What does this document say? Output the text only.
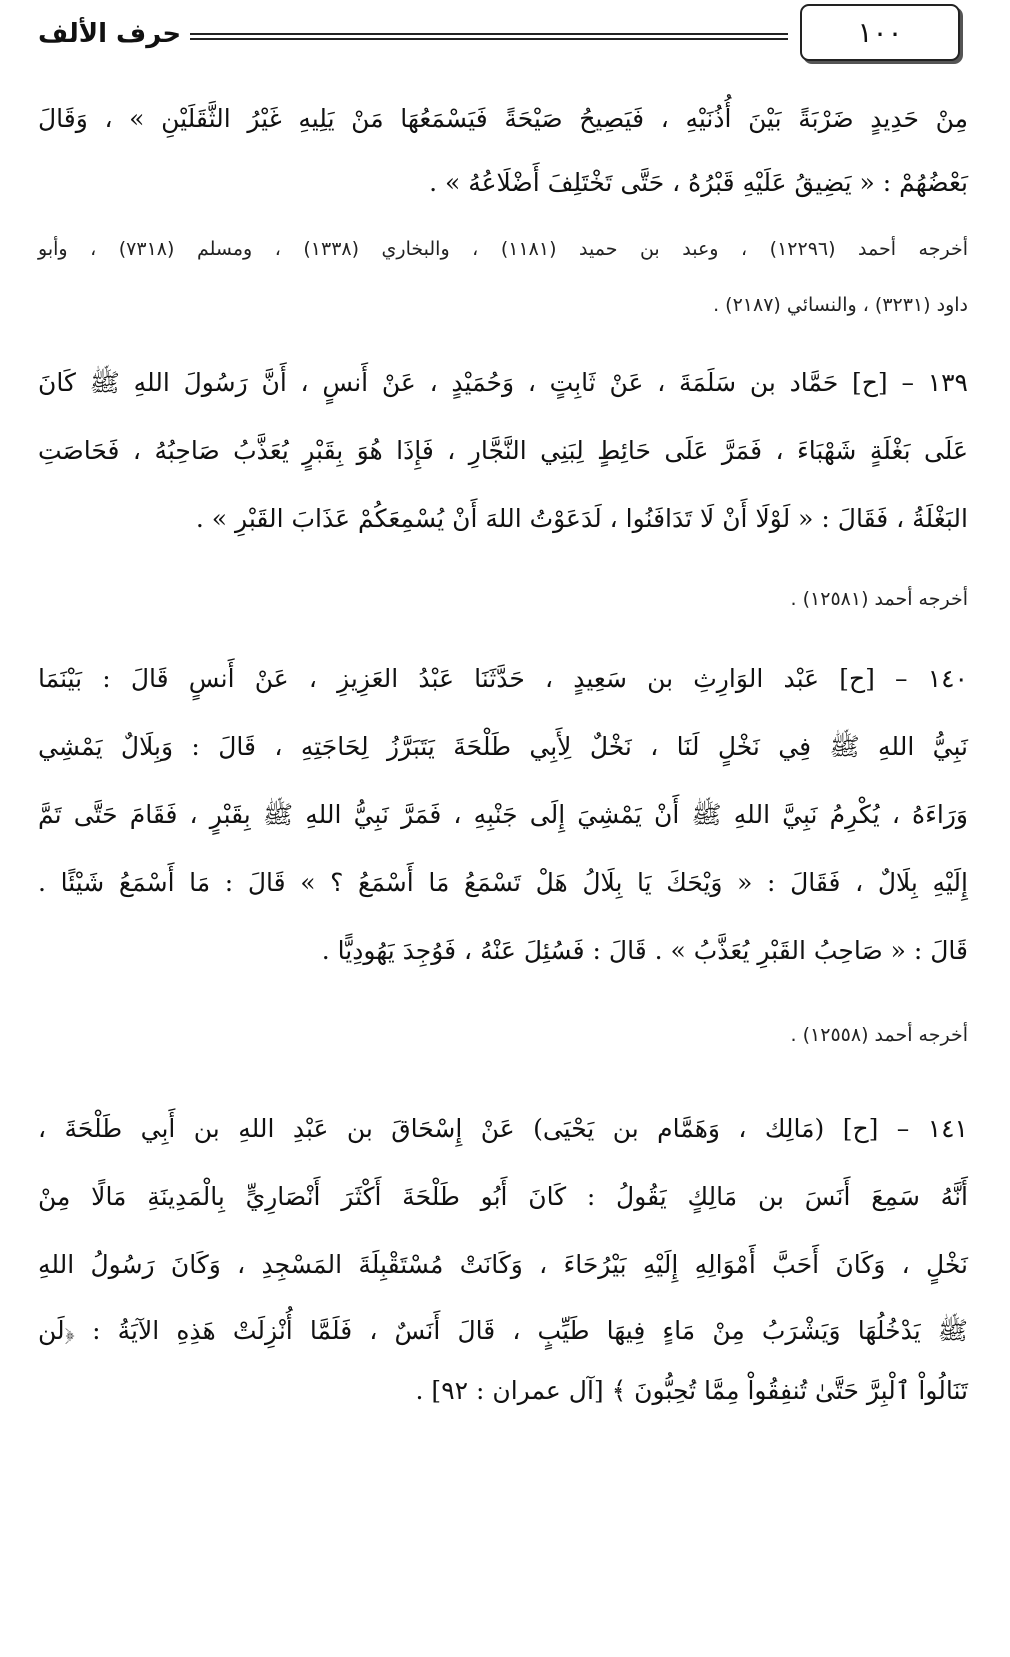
١٠٠
حرف الألف
مِنْ حَدِيدٍ ضَرْبَةً بَيْنَ أُذُنَيْهِ ، فَيَصِيحُ صَيْحَةً فَيَسْمَعُهَا مَنْ يَلِيهِ غَيْرُ الثَّقَلَيْنِ » ، وَقَالَ
بَعْضُهُمْ : « يَضِيقُ عَلَيْهِ قَبْرُهُ ، حَتَّى تَخْتَلِفَ أَضْلَاعُهُ » .
أخرجه أحمد (١٢٢٩٦) ، وعبد بن حميد (١١٨١) ، والبخاري (١٣٣٨) ، ومسلم (٧٣١٨) ، وأبو
داود (٣٢٣١) ، والنسائي (٢١٨٧) .
١٣٩ – [ح] حَمَّاد بن سَلَمَةَ ، عَنْ ثَابِتٍ ، وَحُمَيْدٍ ، عَنْ أَنسٍ ، أَنَّ رَسُولَ اللهِ ﷺ كَانَ
عَلَى بَغْلَةٍ شَهْبَاءَ ، فَمَرَّ عَلَى حَائِطٍ لِبَنِي النَّجَّارِ ، فَإِذَا هُوَ بِقَبْرٍ يُعَذَّبُ صَاحِبُهُ ، فَحَاصَتِ
البَغْلَةُ ، فَقَالَ : « لَوْلَا أَنْ لَا تَدَافَنُوا ، لَدَعَوْتُ اللهَ أَنْ يُسْمِعَكُمْ عَذَابَ القَبْرِ » .
أخرجه أحمد (١٢٥٨١) .
١٤٠ – [ح] عَبْد الوَارِثِ بن سَعِيدٍ ، حَدَّثَنَا عَبْدُ العَزِيزِ ، عَنْ أَنسٍ قَالَ : بَيْنَمَا
نَبِيُّ اللهِ ﷺ فِي نَخْلٍ لَنَا ، نَخْلٌ لِأَبِي طَلْحَةَ يَتَبَرَّزُ لِحَاجَتِهِ ، قَالَ : وَبِلَالٌ يَمْشِي
وَرَاءَهُ ، يُكْرِمُ نَبِيَّ اللهِ ﷺ أَنْ يَمْشِيَ إِلَى جَنْبِهِ ، فَمَرَّ نَبِيُّ اللهِ ﷺ بِقَبْرٍ ، فَقَامَ حَتَّى تَمَّ
إِلَيْهِ بِلَالٌ ، فَقَالَ : « وَيْحَكَ يَا بِلَالُ هَلْ تَسْمَعُ مَا أَسْمَعُ ؟ » قَالَ : مَا أَسْمَعُ شَيْئًا .
قَالَ : « صَاحِبُ القَبْرِ يُعَذَّبُ » . قَالَ : فَسُئِلَ عَنْهُ ، فَوُجِدَ يَهُودِيًّا .
أخرجه أحمد (١٢٥٥٨) .
١٤١ – [ح] (مَالِك ، وَهَمَّام بن يَحْيَى) عَنْ إِسْحَاقَ بن عَبْدِ اللهِ بن أَبِي طَلْحَةَ ،
أَنَّهُ سَمِعَ أَنَسَ بن مَالِكٍ يَقُولُ : كَانَ أَبُو طَلْحَةَ أَكْثَرَ أَنْصَارِيٍّ بِالْمَدِينَةِ مَالًا مِنْ
نَخْلٍ ، وَكَانَ أَحَبَّ أَمْوَالِهِ إِلَيْهِ بَيْرُحَاءَ ، وَكَانَتْ مُسْتَقْبِلَةَ المَسْجِدِ ، وَكَانَ رَسُولُ اللهِ
ﷺ يَدْخُلُهَا وَيَشْرَبُ مِنْ مَاءٍ فِيهَا طَيِّبٍ ، قَالَ أَنَسٌ ، فَلَمَّا أُنْزِلَتْ هَذِهِ الآيَةُ : ﴿لَن
تَنَالُواْ ٱلْبِرَّ حَتَّىٰ تُنفِقُواْ مِمَّا تُحِبُّونَ ﴾ [آل عمران : ٩٢] .
